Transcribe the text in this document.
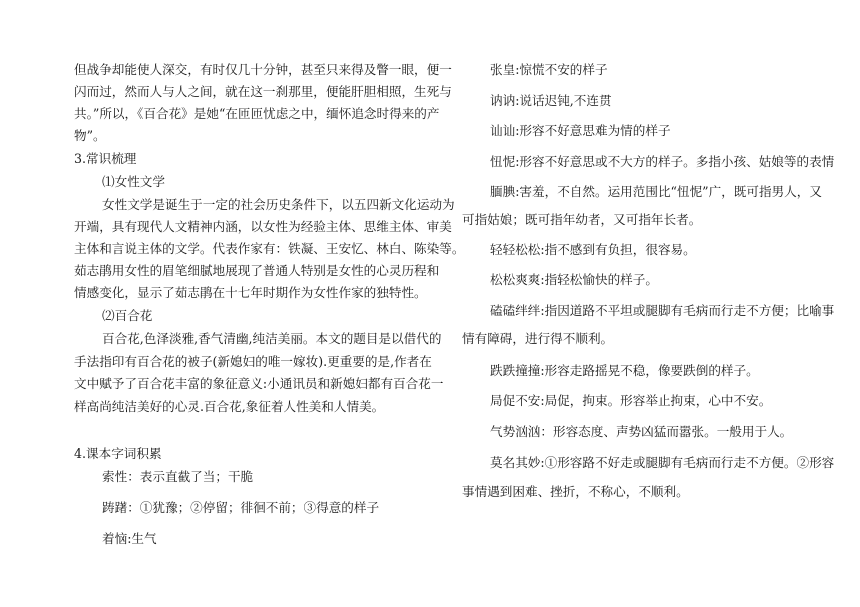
但战争却能使人深交，有时仅几十分钟，甚至只来得及瞥一眼，便一
闪而过，然而人与人之间，就在这一刹那里，便能肝胆相照，生死与
共。”所以，《百合花》是她“在匝匝忧虑之中，缅怀追念时得来的产
物”。
3.常识梳理
⑴女性文学
女性文学是诞生于一定的社会历史条件下，以五四新文化运动为
开端，具有现代人文精神内涵，以女性为经验主体、思维主体、审美
主体和言说主体的文学。代表作家有：铁凝、王安忆、林白、陈染等。
茹志鹃用女性的眉笔细腻地展现了普通人特别是女性的心灵历程和
情感变化，显示了茹志鹃在十七年时期作为女性作家的独特性。
⑵百合花
百合花,色泽淡雅,香气清幽,纯洁美丽。本文的题目是以借代的
手法指印有百合花的被子(新媳妇的唯一嫁妆).更重要的是,作者在
文中赋予了百合花丰富的象征意义:小通讯员和新媳妇都有百合花一
样高尚纯洁美好的心灵.百合花,象征着人性美和人情美。
4.课本字词积累
索性：表示直截了当；干脆
踌躇：①犹豫；②停留；徘徊不前；③得意的样子
着恼:生气
张皇:惊慌不安的样子
讷讷:说话迟钝,不连贯
讪讪:形容不好意思难为情的样子
忸怩:形容不好意思或不大方的样子。多指小孩、姑娘等的表情
腼腆:害羞，不自然。运用范围比“忸怩”广，既可指男人，又
可指姑娘；既可指年幼者，又可指年长者。
轻轻松松:指不感到有负担，很容易。
松松爽爽:指轻松愉快的样子。
磕磕绊绊:指因道路不平坦或腿脚有毛病而行走不方便；比喻事
情有障碍，进行得不顺利。
跌跌撞撞:形容走路摇晃不稳，像要跌倒的样子。
局促不安:局促，拘束。形容举止拘束，心中不安。
气势汹汹：形容态度、声势凶猛而嚣张。一般用于人。
莫名其妙:①形容路不好走或腿脚有毛病而行走不方便。②形容
事情遇到困难、挫折，不称心，不顺利。
